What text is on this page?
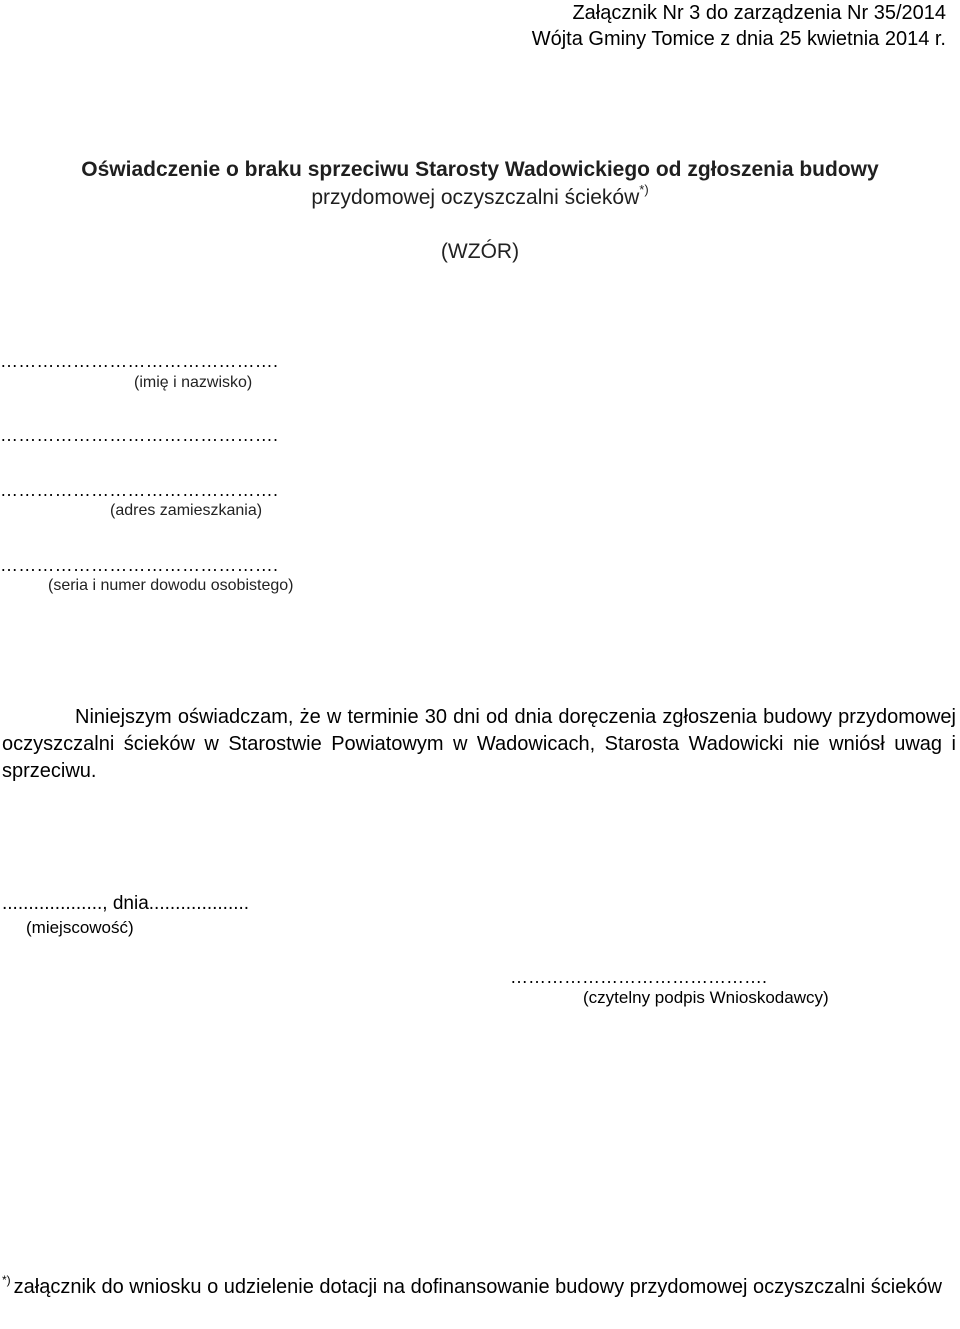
Załącznik Nr 3 do zarządzenia Nr 35/2014
Wójta Gminy Tomice z dnia 25 kwietnia 2014 r.
Oświadczenie o braku sprzeciwu Starosty Wadowickiego od zgłoszenia budowy
przydomowej oczyszczalni ścieków*)
(WZÓR)
……………………………………….
(imię i nazwisko)
……………………………………….
……………………………………….
(adres zamieszkania)
……………………………………….
(seria i numer dowodu osobistego)
Niniejszym oświadczam, że w terminie 30 dni od dnia doręczenia zgłoszenia budowy przydomowej oczyszczalni ścieków w Starostwie Powiatowym w Wadowicach, Starosta Wadowicki nie wniósł uwag i sprzeciwu.
..................., dnia...................
(miejscowość)
…………………………………….
(czytelny podpis Wnioskodawcy)
*) załącznik do wniosku o udzielenie dotacji na dofinansowanie budowy przydomowej oczyszczalni ścieków
